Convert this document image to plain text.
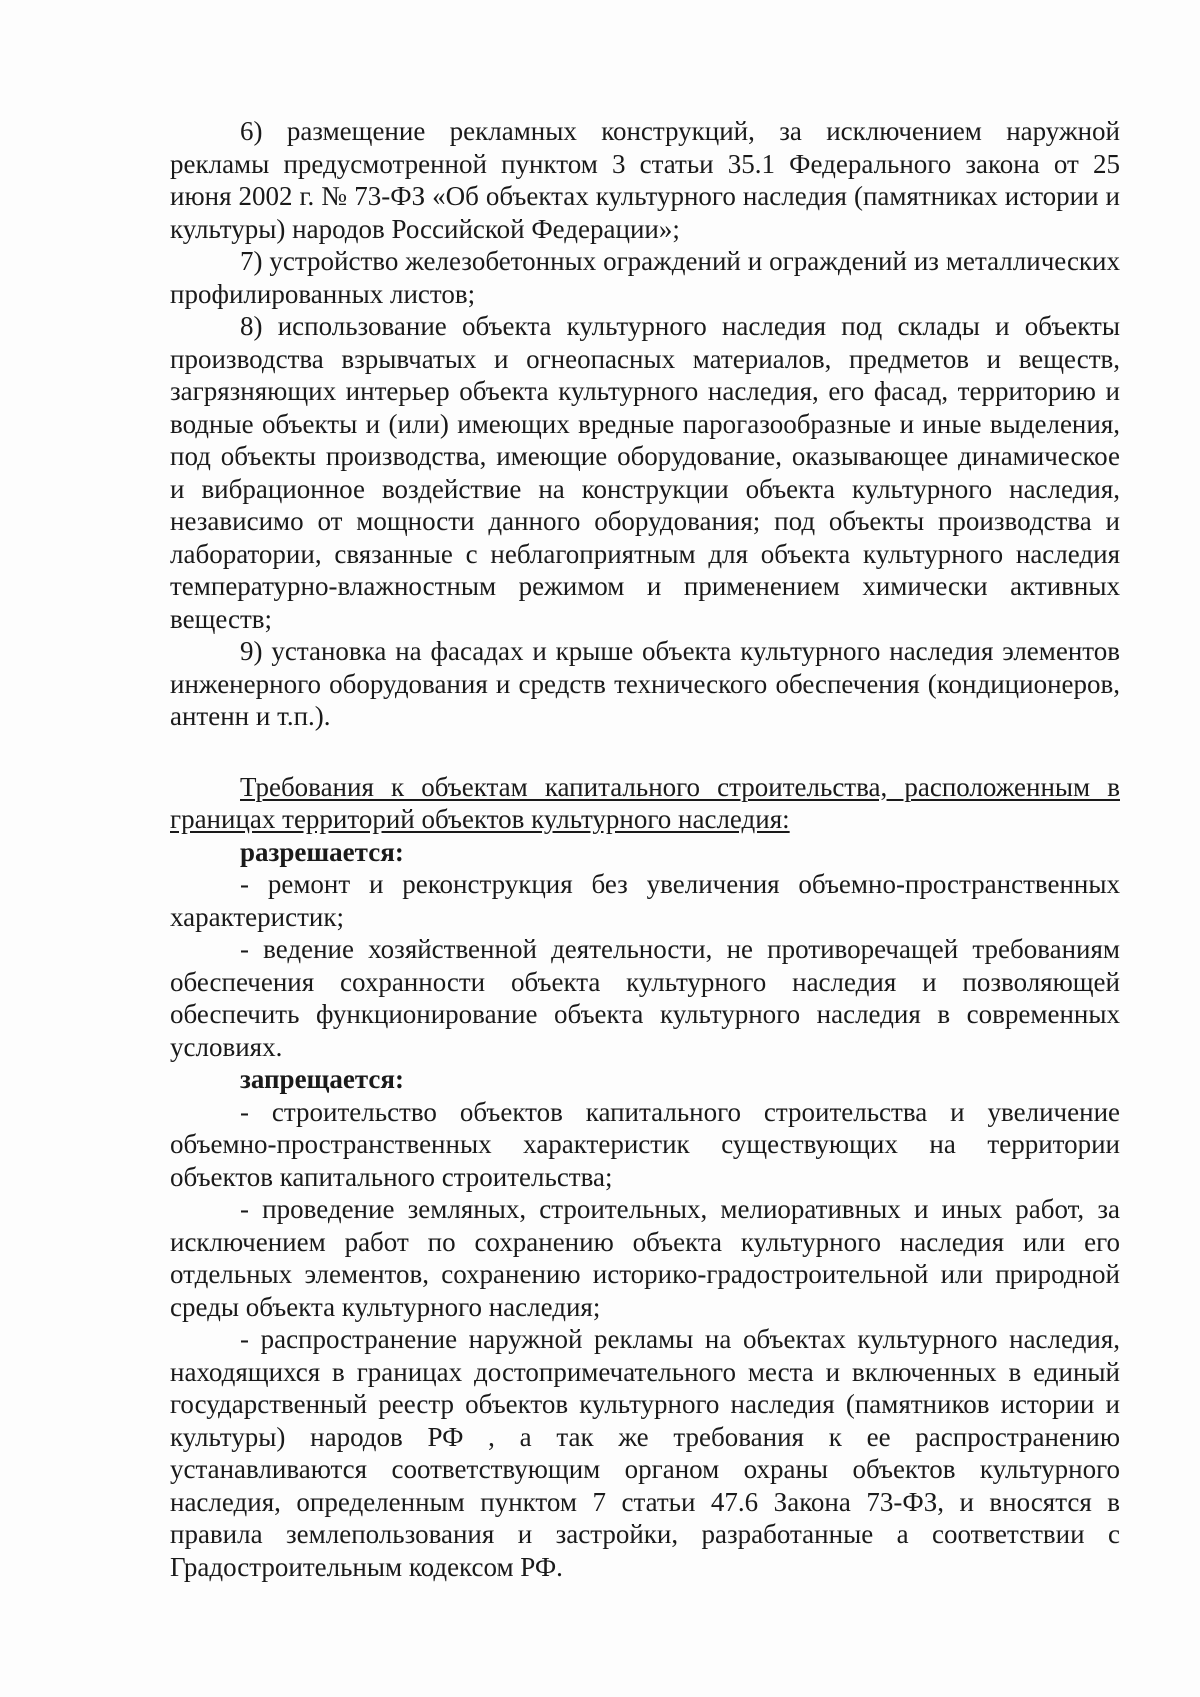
6) размещение рекламных конструкций, за исключением наружной рекламы предусмотренной пунктом 3 статьи 35.1 Федерального закона от 25 июня 2002 г. № 73-ФЗ «Об объектах культурного наследия (памятниках истории и культуры) народов Российской Федерации»;

7) устройство железобетонных ограждений и ограждений из металлических профилированных листов;

8) использование объекта культурного наследия под склады и объекты производства взрывчатых и огнеопасных материалов, предметов и веществ, загрязняющих интерьер объекта культурного наследия, его фасад, территорию и водные объекты и (или) имеющих вредные парогазообразные и иные выделения, под объекты производства, имеющие оборудование, оказывающее динамическое и вибрационное воздействие на конструкции объекта культурного наследия, независимо от мощности данного оборудования; под объекты производства и лаборатории, связанные с неблагоприятным для объекта культурного наследия температурно-влажностным режимом и применением химически активных веществ;

9) установка на фасадах и крыше объекта культурного наследия элементов инженерного оборудования и средств технического обеспечения (кондиционеров, антенн и т.п.).

Требования к объектам капитального строительства, расположенным в границах территорий объектов культурного наследия:

разрешается:

- ремонт и реконструкция без увеличения объемно-пространственных характеристик;

- ведение хозяйственной деятельности, не противоречащей требованиям обеспечения сохранности объекта культурного наследия и позволяющей обеспечить функционирование объекта культурного наследия в современных условиях.

запрещается:

- строительство объектов капитального строительства и увеличение объемно-пространственных характеристик существующих на территории объектов капитального строительства;

- проведение земляных, строительных, мелиоративных и иных работ, за исключением работ по сохранению объекта культурного наследия или его отдельных элементов, сохранению историко-градостроительной или природной среды объекта культурного наследия;

- распространение наружной рекламы на объектах культурного наследия, находящихся в границах достопримечательного места и включенных в единый государственный реестр объектов культурного наследия (памятников истории и культуры) народов РФ , а так же требования к ее распространению устанавливаются соответствующим органом охраны объектов культурного наследия, определенным пунктом 7 статьи 47.6 Закона 73-ФЗ, и вносятся в правила землепользования и застройки, разработанные а соответствии с Градостроительным кодексом РФ.
